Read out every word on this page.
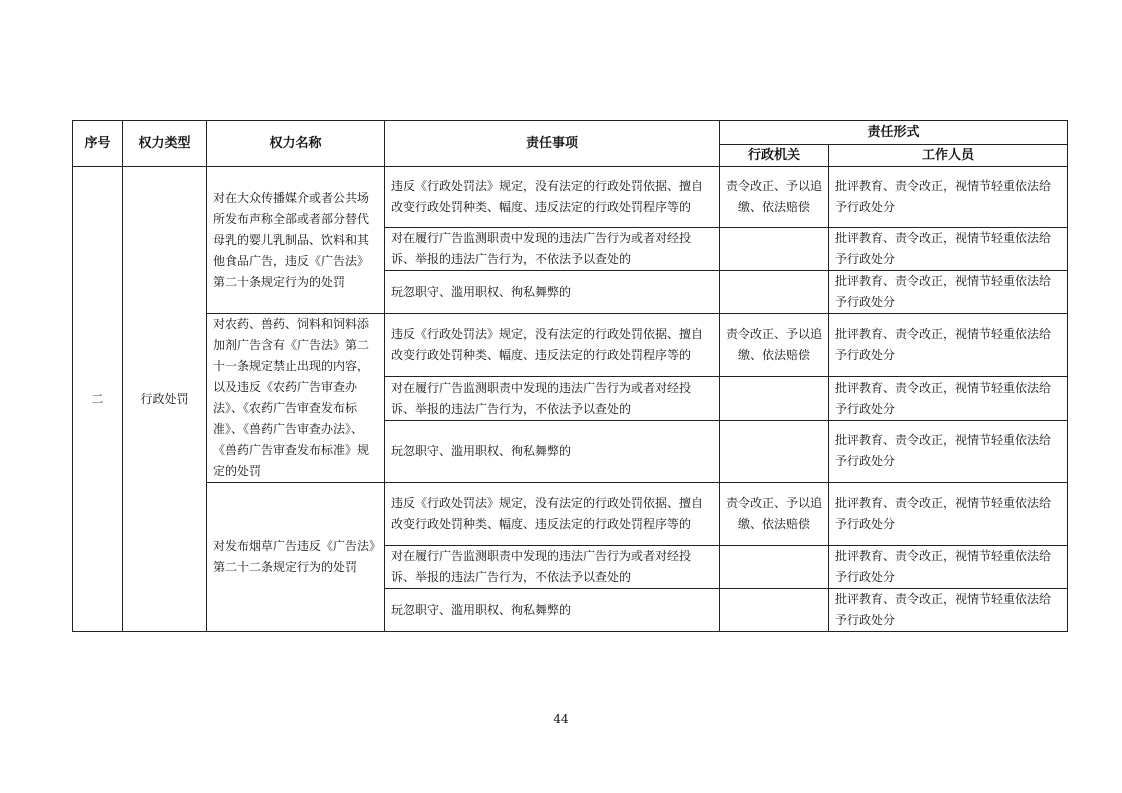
序号	权力类型	权力名称	责任事项	责任形式	
				行政机关	工作人员
二	行政处罚	对在大众传播媒介或者公共场所发布声称全部或者部分替代母乳的婴儿乳制品、饮料和其他食品广告，违反《广告法》第二十条规定行为的处罚	违反《行政处罚法》规定，没有法定的行政处罚依据、擅自改变行政处罚种类、幅度、违反法定的行政处罚程序等的	责令改正、予以追缴、依法赔偿	批评教育、责令改正，视情节轻重依法给予行政处分
			对在履行广告监测职责中发现的违法广告行为或者对经投诉、举报的违法广告行为，不依法予以查处的		批评教育、责令改正，视情节轻重依法给予行政处分
			玩忽职守、滥用职权、徇私舞弊的		批评教育、责令改正，视情节轻重依法给予行政处分
		对农药、兽药、饲料和饲料添加剂广告含有《广告法》第二十一条规定禁止出现的内容，以及违反《农药广告审查办法》、《农药广告审查发布标准》、《兽药广告审查办法》、《兽药广告审查发布标准》规定的处罚	违反《行政处罚法》规定，没有法定的行政处罚依据、擅自改变行政处罚种类、幅度、违反法定的行政处罚程序等的	责令改正、予以追缴、依法赔偿	批评教育、责令改正，视情节轻重依法给予行政处分
			对在履行广告监测职责中发现的违法广告行为或者对经投诉、举报的违法广告行为，不依法予以查处的		批评教育、责令改正，视情节轻重依法给予行政处分
			玩忽职守、滥用职权、徇私舞弊的		批评教育、责令改正，视情节轻重依法给予行政处分
		对发布烟草广告违反《广告法》第二十二条规定行为的处罚	违反《行政处罚法》规定，没有法定的行政处罚依据、擅自改变行政处罚种类、幅度、违反法定的行政处罚程序等的	责令改正、予以追缴、依法赔偿	批评教育、责令改正，视情节轻重依法给予行政处分
			对在履行广告监测职责中发现的违法广告行为或者对经投诉、举报的违法广告行为，不依法予以查处的		批评教育、责令改正，视情节轻重依法给予行政处分
			玩忽职守、滥用职权、徇私舞弊的		批评教育、责令改正，视情节轻重依法给予行政处分
44
